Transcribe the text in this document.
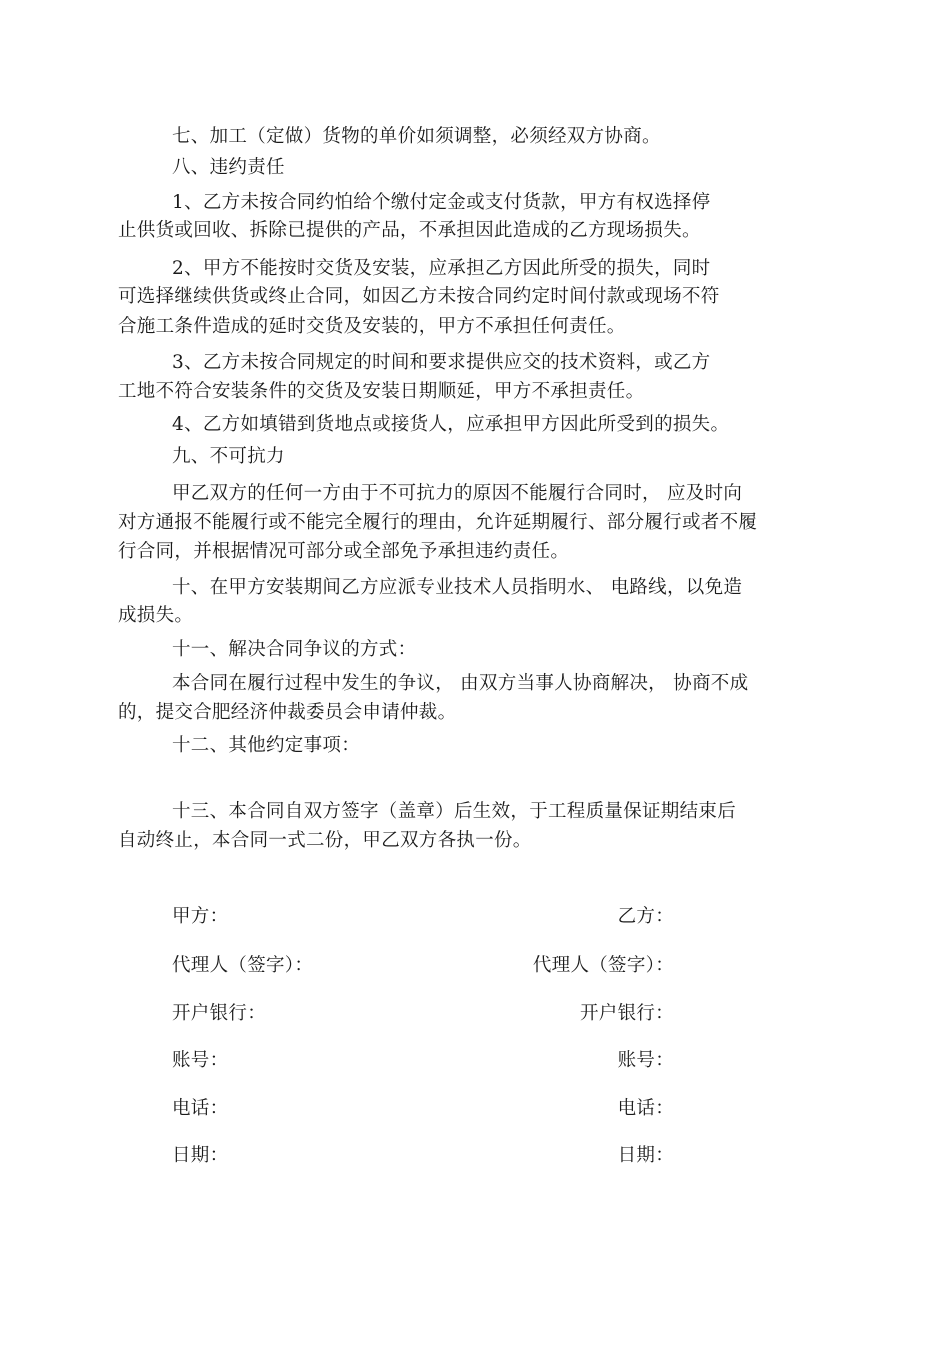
七、加工（定做）货物的单价如须调整，必须经双方协商。
八、违约责任
1、乙方未按合同约怕给个缴付定金或支付货款，甲方有权选择停
止供货或回收、拆除已提供的产品，不承担因此造成的乙方现场损失。
2、甲方不能按时交货及安装，应承担乙方因此所受的损失，同时
可选择继续供货或终止合同，如因乙方未按合同约定时间付款或现场不符
合施工条件造成的延时交货及安装的，甲方不承担任何责任。
3、乙方未按合同规定的时间和要求提供应交的技术资料，或乙方
工地不符合安装条件的交货及安装日期顺延，甲方不承担责任。
4、乙方如填错到货地点或接货人，应承担甲方因此所受到的损失。
九、不可抗力
甲乙双方的任何一方由于不可抗力的原因不能履行合同时， 应及时向
对方通报不能履行或不能完全履行的理由，允许延期履行、部分履行或者不履
行合同，并根据情况可部分或全部免予承担违约责任。
十、在甲方安装期间乙方应派专业技术人员指明水、 电路线，以免造
成损失。
十一、解决合同争议的方式：
本合同在履行过程中发生的争议， 由双方当事人协商解决， 协商不成
的，提交合肥经济仲裁委员会申请仲裁。
十二、其他约定事项：
十三、本合同自双方签字（盖章）后生效，于工程质量保证期结束后
自动终止，本合同一式二份，甲乙双方各执一份。
甲方：	乙方：
代理人（签字）：	代理人（签字）：
开户银行：	开户银行：
账号：	账号：
电话：	电话：
日期：	日期：
